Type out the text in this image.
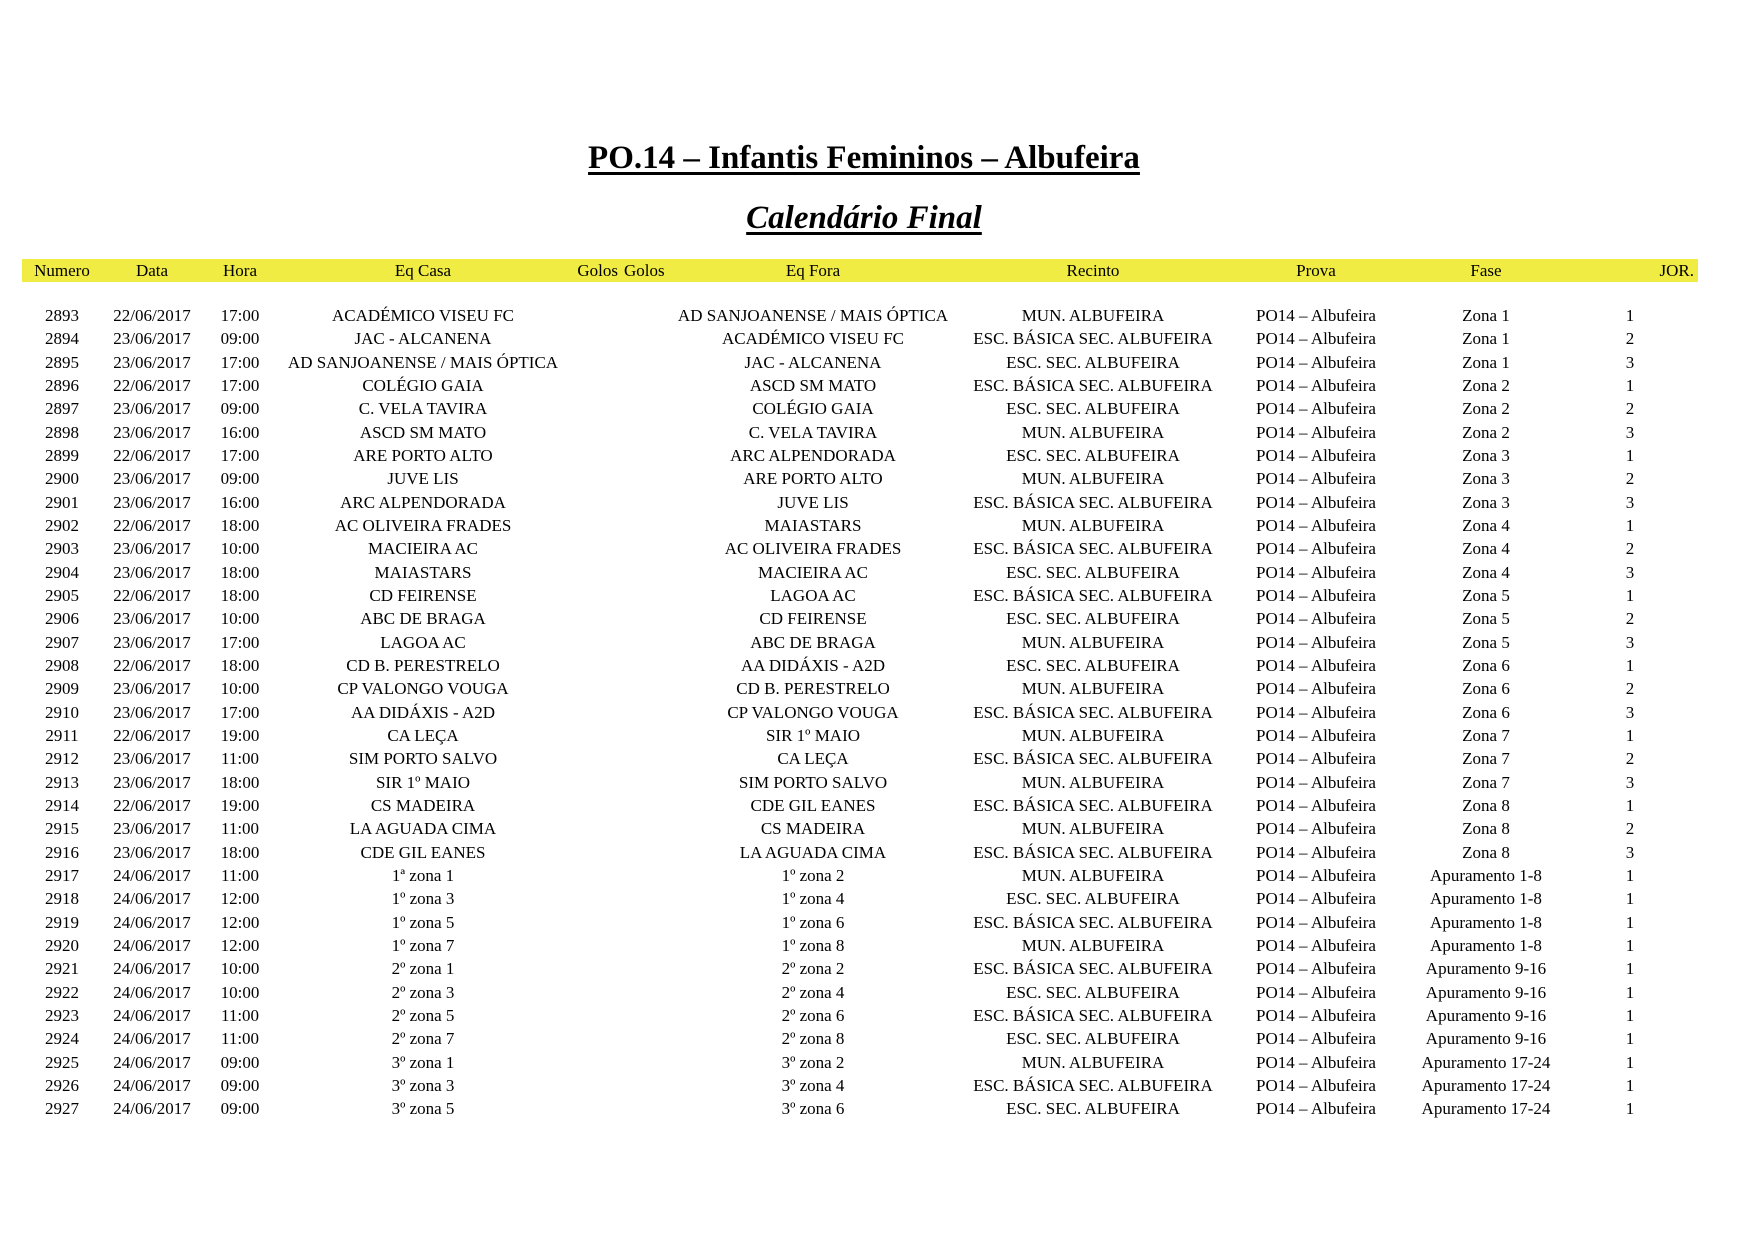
PO.14 – Infantis Femininos – Albufeira
Calendário Final
Numero	Data	Hora	Eq Casa	Golos	Golos	Eq Fora	Recinto	Prova	Fase	JOR.

2893	22/06/2017	17:00	ACADÉMICO VISEU FC			AD SANJOANENSE / MAIS ÓPTICA	MUN. ALBUFEIRA	PO14 – Albufeira	Zona 1	1
2894	23/06/2017	09:00	JAC - ALCANENA			ACADÉMICO VISEU FC	ESC. BÁSICA SEC. ALBUFEIRA	PO14 – Albufeira	Zona 1	2
2895	23/06/2017	17:00	AD SANJOANENSE / MAIS ÓPTICA			JAC - ALCANENA	ESC. SEC. ALBUFEIRA	PO14 – Albufeira	Zona 1	3
2896	22/06/2017	17:00	COLÉGIO GAIA			ASCD SM MATO	ESC. BÁSICA SEC. ALBUFEIRA	PO14 – Albufeira	Zona 2	1
2897	23/06/2017	09:00	C. VELA TAVIRA			COLÉGIO GAIA	ESC. SEC. ALBUFEIRA	PO14 – Albufeira	Zona 2	2
2898	23/06/2017	16:00	ASCD SM MATO			C. VELA TAVIRA	MUN. ALBUFEIRA	PO14 – Albufeira	Zona 2	3
2899	22/06/2017	17:00	ARE PORTO ALTO			ARC ALPENDORADA	ESC. SEC. ALBUFEIRA	PO14 – Albufeira	Zona 3	1
2900	23/06/2017	09:00	JUVE LIS			ARE PORTO ALTO	MUN. ALBUFEIRA	PO14 – Albufeira	Zona 3	2
2901	23/06/2017	16:00	ARC ALPENDORADA			JUVE LIS	ESC. BÁSICA SEC. ALBUFEIRA	PO14 – Albufeira	Zona 3	3
2902	22/06/2017	18:00	AC OLIVEIRA FRADES			MAIASTARS	MUN. ALBUFEIRA	PO14 – Albufeira	Zona 4	1
2903	23/06/2017	10:00	MACIEIRA AC			AC OLIVEIRA FRADES	ESC. BÁSICA SEC. ALBUFEIRA	PO14 – Albufeira	Zona 4	2
2904	23/06/2017	18:00	MAIASTARS			MACIEIRA AC	ESC. SEC. ALBUFEIRA	PO14 – Albufeira	Zona 4	3
2905	22/06/2017	18:00	CD FEIRENSE			LAGOA AC	ESC. BÁSICA SEC. ALBUFEIRA	PO14 – Albufeira	Zona 5	1
2906	23/06/2017	10:00	ABC DE BRAGA			CD FEIRENSE	ESC. SEC. ALBUFEIRA	PO14 – Albufeira	Zona 5	2
2907	23/06/2017	17:00	LAGOA AC			ABC DE BRAGA	MUN. ALBUFEIRA	PO14 – Albufeira	Zona 5	3
2908	22/06/2017	18:00	CD B. PERESTRELO			AA DIDÁXIS - A2D	ESC. SEC. ALBUFEIRA	PO14 – Albufeira	Zona 6	1
2909	23/06/2017	10:00	CP VALONGO VOUGA			CD B. PERESTRELO	MUN. ALBUFEIRA	PO14 – Albufeira	Zona 6	2
2910	23/06/2017	17:00	AA DIDÁXIS - A2D			CP VALONGO VOUGA	ESC. BÁSICA SEC. ALBUFEIRA	PO14 – Albufeira	Zona 6	3
2911	22/06/2017	19:00	CA LEÇA			SIR 1º MAIO	MUN. ALBUFEIRA	PO14 – Albufeira	Zona 7	1
2912	23/06/2017	11:00	SIM PORTO SALVO			CA LEÇA	ESC. BÁSICA SEC. ALBUFEIRA	PO14 – Albufeira	Zona 7	2
2913	23/06/2017	18:00	SIR 1º MAIO			SIM PORTO SALVO	MUN. ALBUFEIRA	PO14 – Albufeira	Zona 7	3
2914	22/06/2017	19:00	CS MADEIRA			CDE GIL EANES	ESC. BÁSICA SEC. ALBUFEIRA	PO14 – Albufeira	Zona 8	1
2915	23/06/2017	11:00	LA AGUADA CIMA			CS MADEIRA	MUN. ALBUFEIRA	PO14 – Albufeira	Zona 8	2
2916	23/06/2017	18:00	CDE GIL EANES			LA AGUADA CIMA	ESC. BÁSICA SEC. ALBUFEIRA	PO14 – Albufeira	Zona 8	3
2917	24/06/2017	11:00	1ª zona 1			1º zona 2	MUN. ALBUFEIRA	PO14 – Albufeira	Apuramento 1-8	1
2918	24/06/2017	12:00	1º zona 3			1º zona 4	ESC. SEC. ALBUFEIRA	PO14 – Albufeira	Apuramento 1-8	1
2919	24/06/2017	12:00	1º zona 5			1º zona 6	ESC. BÁSICA SEC. ALBUFEIRA	PO14 – Albufeira	Apuramento 1-8	1
2920	24/06/2017	12:00	1º zona 7			1º zona 8	MUN. ALBUFEIRA	PO14 – Albufeira	Apuramento 1-8	1
2921	24/06/2017	10:00	2º zona 1			2º zona 2	ESC. BÁSICA SEC. ALBUFEIRA	PO14 – Albufeira	Apuramento 9-16	1
2922	24/06/2017	10:00	2º zona 3			2º zona 4	ESC. SEC. ALBUFEIRA	PO14 – Albufeira	Apuramento 9-16	1
2923	24/06/2017	11:00	2º zona 5			2º zona 6	ESC. BÁSICA SEC. ALBUFEIRA	PO14 – Albufeira	Apuramento 9-16	1
2924	24/06/2017	11:00	2º zona 7			2º zona 8	ESC. SEC. ALBUFEIRA	PO14 – Albufeira	Apuramento 9-16	1
2925	24/06/2017	09:00	3º zona 1			3º zona 2	MUN. ALBUFEIRA	PO14 – Albufeira	Apuramento 17-24	1
2926	24/06/2017	09:00	3º zona 3			3º zona 4	ESC. BÁSICA SEC. ALBUFEIRA	PO14 – Albufeira	Apuramento 17-24	1
2927	24/06/2017	09:00	3º zona 5			3º zona 6	ESC. SEC. ALBUFEIRA	PO14 – Albufeira	Apuramento 17-24	1
